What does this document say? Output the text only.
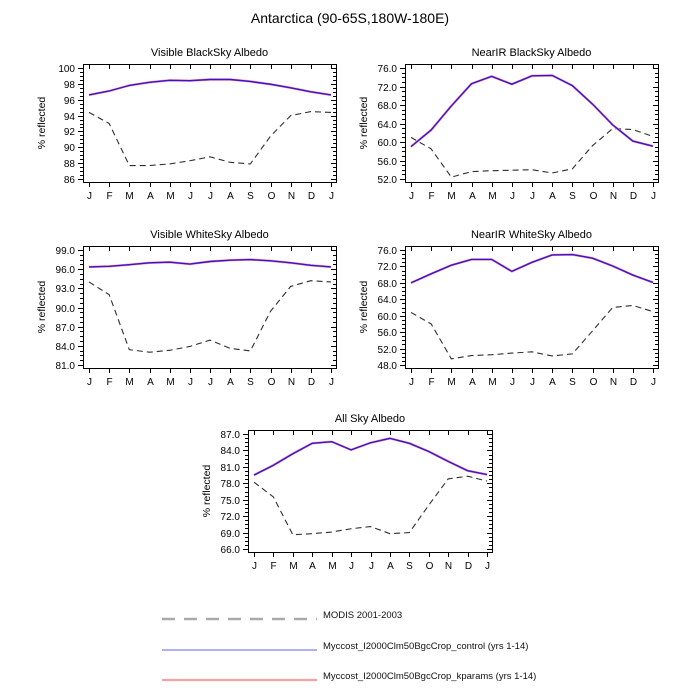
Antarctica (90-65S,180W-180E)
86
88
90
92
94
96
98
100
J F M A M J J A S O N D J
Visible BlackSky Albedo
% reflected
52.0
56.0
60.0
64.0
68.0
72.0
76.0
J F M A M J J A S O N D J
NearIR BlackSky Albedo
% reflected
81.0
84.0
87.0
90.0
93.0
96.0
99.0
J F M A M J J A S O N D J
Visible WhiteSky Albedo
% reflected
48.0
52.0
56.0
60.0
64.0
68.0
72.0
76.0
J F M A M J J A S O N D J
NearIR WhiteSky Albedo
% reflected
66.0
69.0
72.0
75.0
78.0
81.0
84.0
87.0
J F M A M J J A S O N D J
All Sky Albedo
% reflected
MODIS 2001-2003
Myccost_I2000Clm50BgcCrop_control (yrs 1-14)
Myccost_I2000Clm50BgcCrop_kparams (yrs 1-14)
